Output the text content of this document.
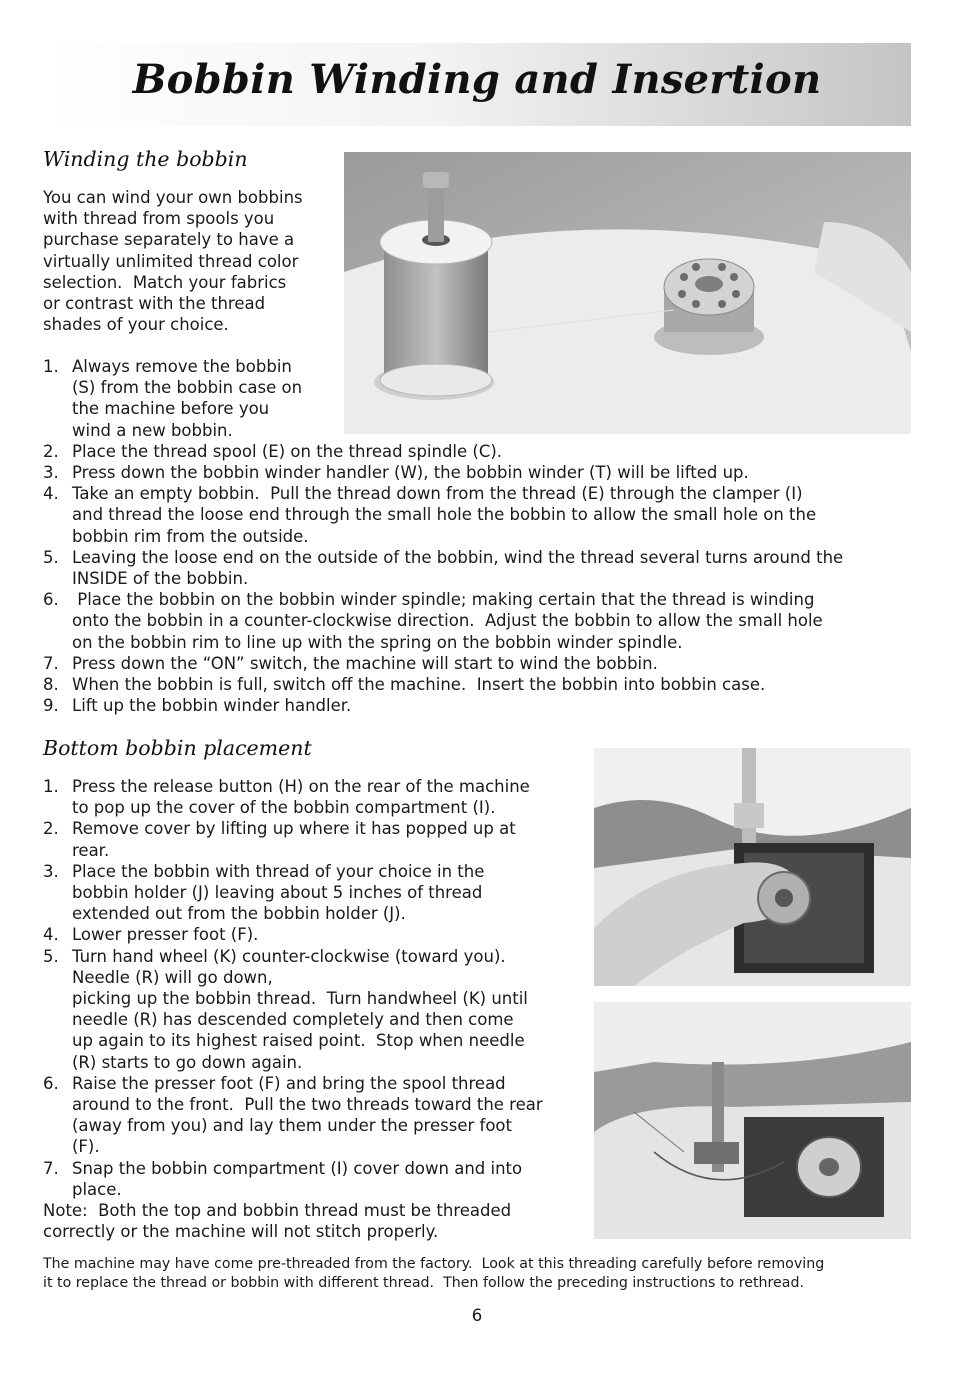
Bobbin Winding and Insertion
Winding the bobbin
You can wind your own bobbins
with thread from spools you
purchase separately to have a
virtually unlimited thread color
selection.  Match your fabrics
or contrast with the thread
shades of your choice.
1. Always remove the bobbin
(S) from the bobbin case on
the machine before you
wind a new bobbin.
2. Place the thread spool (E) on the thread spindle (C).
3. Press down the bobbin winder handler (W), the bobbin winder (T) will be lifted up.
4. Take an empty bobbin.  Pull the thread down from the thread (E) through the clamper (I)
and thread the loose end through the small hole the bobbin to allow the small hole on the
bobbin rim from the outside.
5. Leaving the loose end on the outside of the bobbin, wind the thread several turns around the
INSIDE of the bobbin.
6. Place the bobbin on the bobbin winder spindle; making certain that the thread is winding
onto the bobbin in a counter-clockwise direction.  Adjust the bobbin to allow the small hole
on the bobbin rim to line up with the spring on the bobbin winder spindle.
7. Press down the “ON” switch, the machine will start to wind the bobbin.
8. When the bobbin is full, switch off the machine.  Insert the bobbin into bobbin case.
9. Lift up the bobbin winder handler.
Bottom bobbin placement
1. Press the release button (H) on the rear of the machine
to pop up the cover of the bobbin compartment (I).
2. Remove cover by lifting up where it has popped up at
rear.
3. Place the bobbin with thread of your choice in the
bobbin holder (J) leaving about 5 inches of thread
extended out from the bobbin holder (J).
4. Lower presser foot (F).
5. Turn hand wheel (K) counter-clockwise (toward you).
Needle (R) will go down,
picking up the bobbin thread.  Turn handwheel (K) until
needle (R) has descended completely and then come
up again to its highest raised point.  Stop when needle
(R) starts to go down again.
6. Raise the presser foot (F) and bring the spool thread
around to the front.  Pull the two threads toward the rear
(away from you) and lay them under the presser foot
(F).
7. Snap the bobbin compartment (I) cover down and into
place.
Note:  Both the top and bobbin thread must be threaded
correctly or the machine will not stitch properly.
The machine may have come pre-threaded from the factory.  Look at this threading carefully before removing
it to replace the thread or bobbin with different thread.  Then follow the preceding instructions to rethread.
6
